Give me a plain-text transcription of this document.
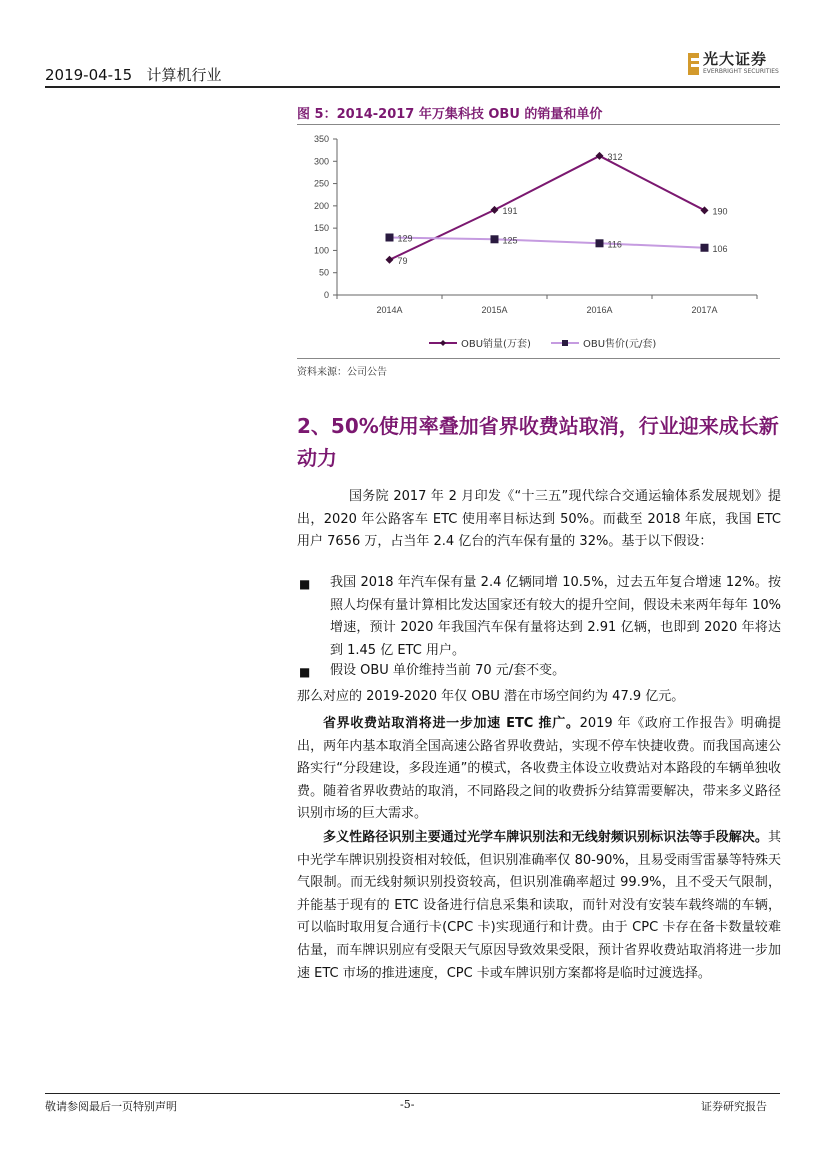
2019-04-15 计算机行业
光大证券
EVERBRIGHT SECURITIES
图 5：2014-2017 年万集科技 OBU 的销量和单价
0
50
100
150
200
250
300
350
2014A	2015A	2016A	2017A
79
191
312
190
129	125	116	106
OBU销量(万套)	OBU售价(元/套)
资料来源：公司公告
2、50%使用率叠加省界收费站取消，行业迎来成长新动力
国务院 2017 年 2 月印发《“十三五”现代综合交通运输体系发展规划》提出，2020 年公路客车 ETC 使用率目标达到 50%。而截至 2018 年底，我国 ETC 用户 7656 万，占当年 2.4 亿台的汽车保有量的 32%。基于以下假设：
■ 我国 2018 年汽车保有量 2.4 亿辆同增 10.5%，过去五年复合增速 12%。按照人均保有量计算相比发达国家还有较大的提升空间，假设未来两年每年 10%增速，预计 2020 年我国汽车保有量将达到 2.91 亿辆，也即到 2020 年将达到 1.45 亿 ETC 用户。
■ 假设 OBU 单价维持当前 70 元/套不变。
那么对应的 2019-2020 年仅 OBU 潜在市场空间约为 47.9 亿元。
省界收费站取消将进一步加速 ETC 推广。2019 年《政府工作报告》明确提出，两年内基本取消全国高速公路省界收费站，实现不停车快捷收费。而我国高速公路实行“分段建设，多段连通”的模式，各收费主体设立收费站对本路段的车辆单独收费。随着省界收费站的取消，不同路段之间的收费拆分结算需要解决，带来多义路径识别市场的巨大需求。
多义性路径识别主要通过光学车牌识别法和无线射频识别标识法等手段解决。其中光学车牌识别投资相对较低，但识别准确率仅 80-90%，且易受雨雪雷暴等特殊天气限制。而无线射频识别投资较高，但识别准确率超过 99.9%，且不受天气限制，并能基于现有的 ETC 设备进行信息采集和读取，而针对没有安装车载终端的车辆，可以临时取用复合通行卡(CPC 卡)实现通行和计费。由于 CPC 卡存在备卡数量较难估量，而车牌识别应有受限天气原因导致效果受限，预计省界收费站取消将进一步加速 ETC 市场的推进速度，CPC 卡或车牌识别方案都将是临时过渡选择。
敬请参阅最后一页特别声明	-5-	证券研究报告
